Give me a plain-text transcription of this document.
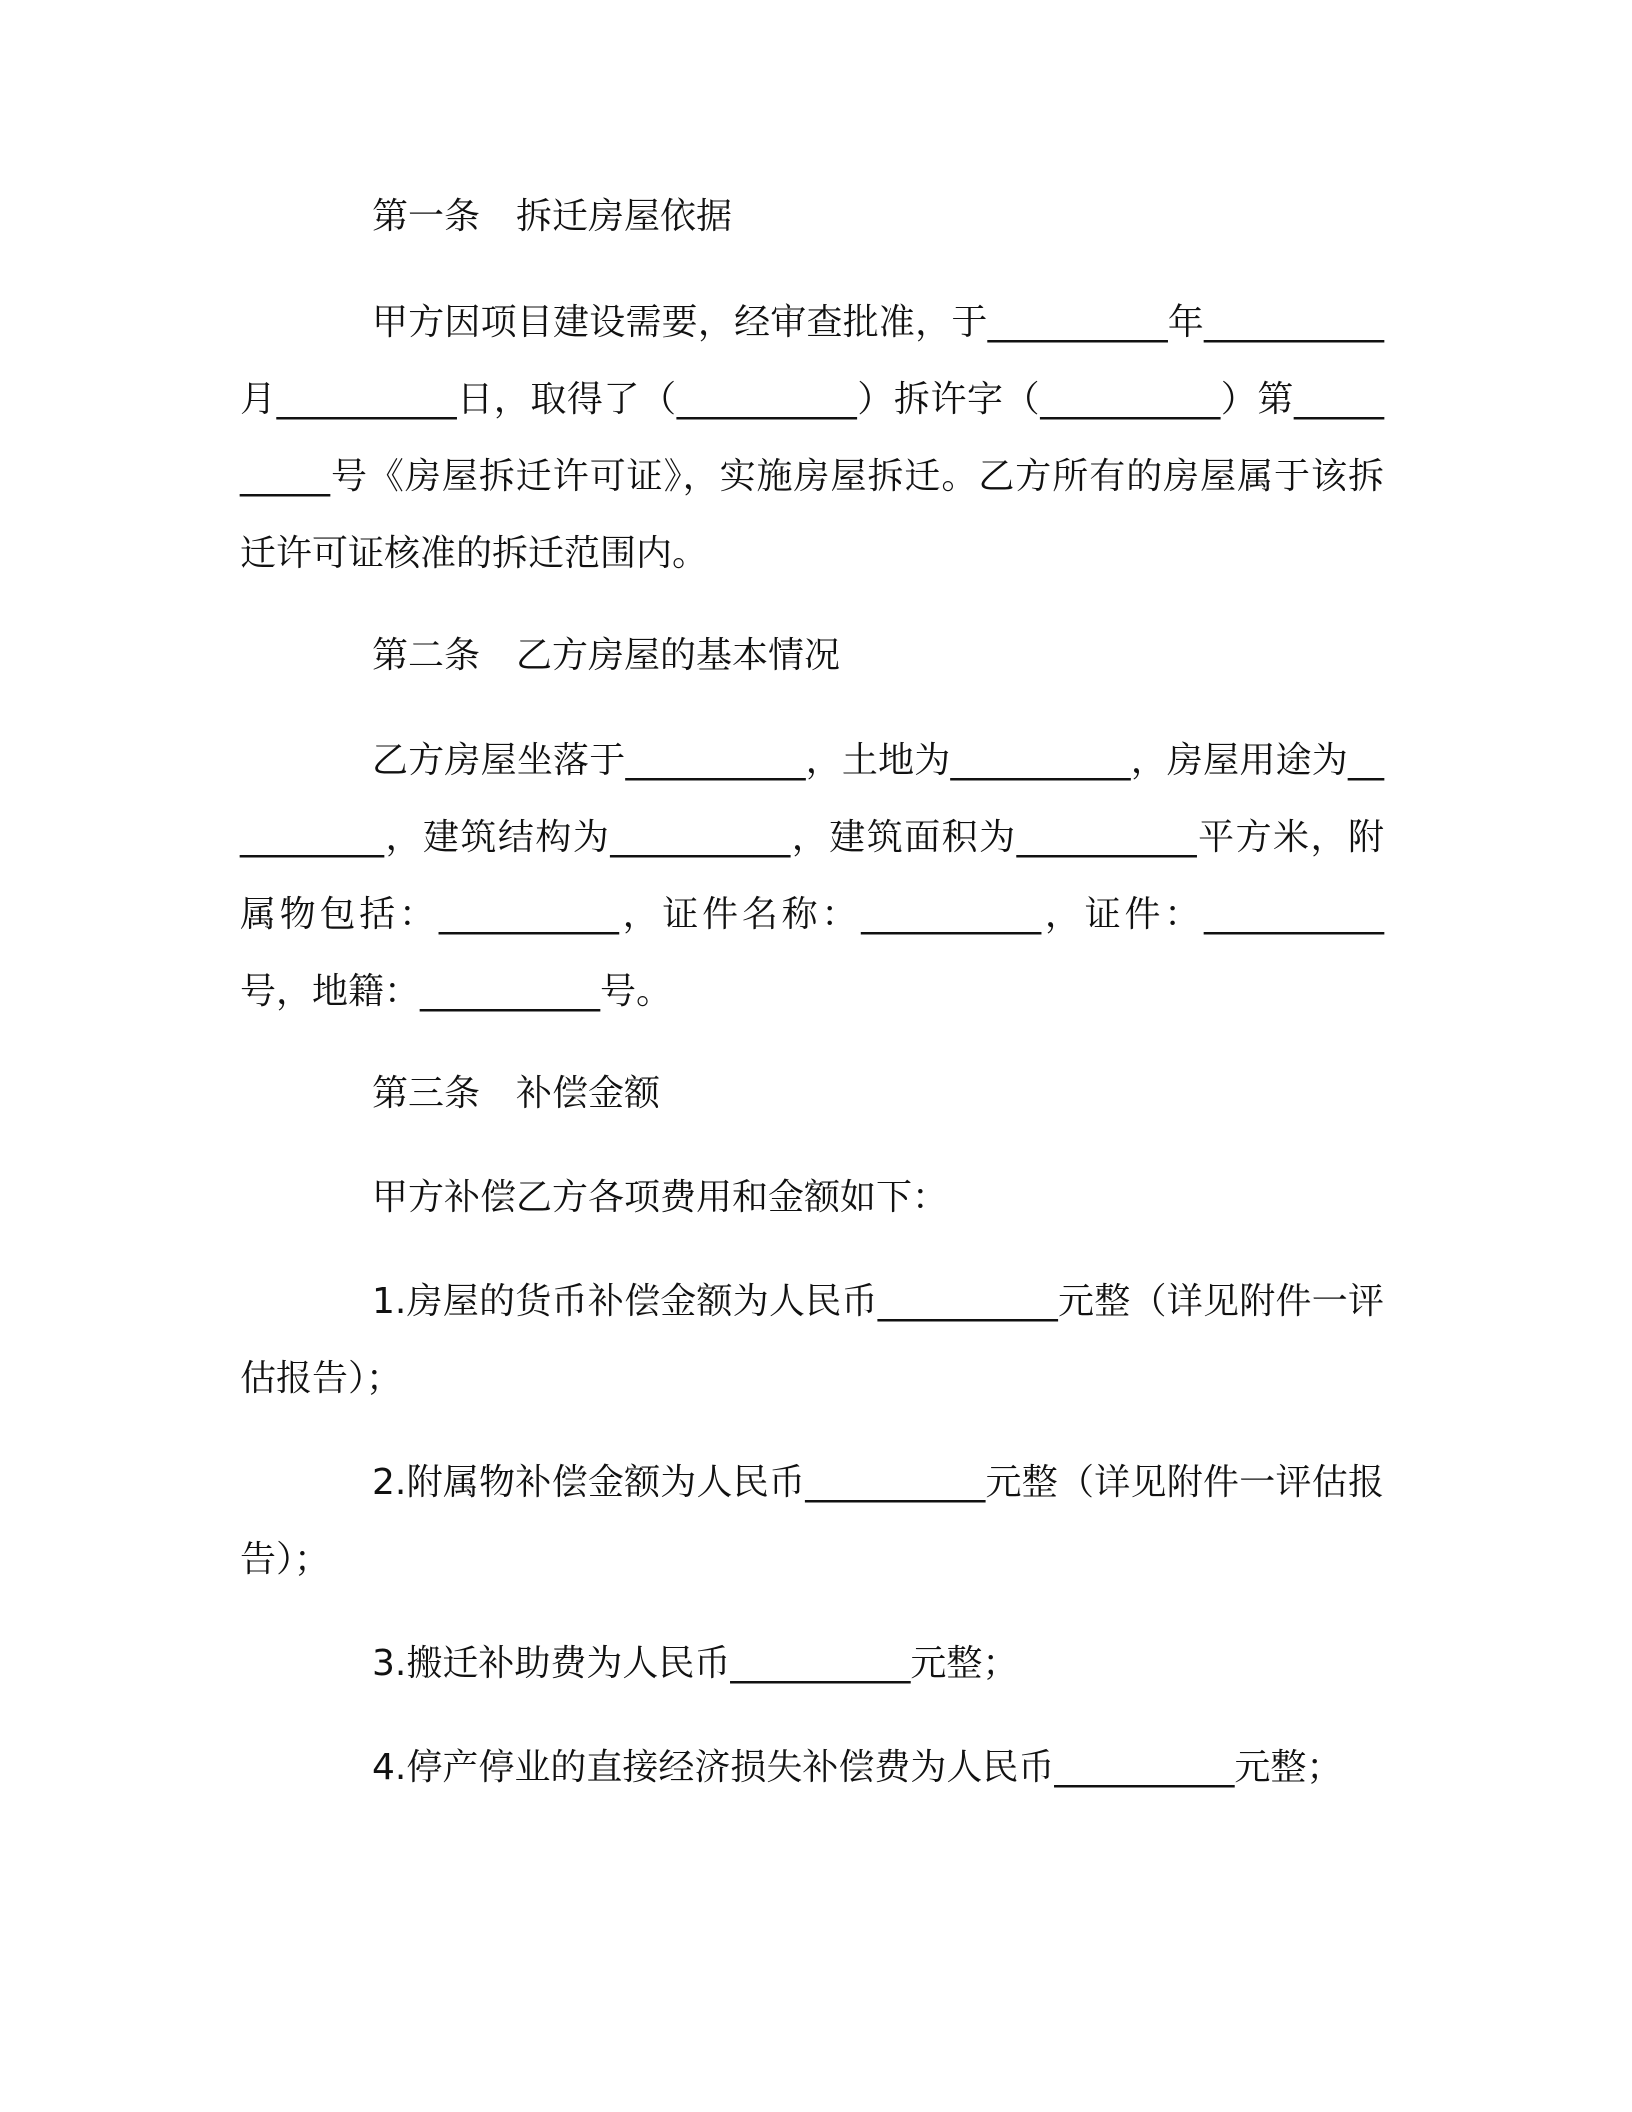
第一条　拆迁房屋依据

甲方因项目建设需要，经审查批准，于__________年__________月__________日，取得了（__________）拆许字（__________）第__________号《房屋拆迁许可证》，实施房屋拆迁。乙方所有的房屋属于该拆迁许可证核准的拆迁范围内。

第二条　乙方房屋的基本情况

乙方房屋坐落于__________，土地为__________，房屋用途为__________，建筑结构为__________，建筑面积为__________平方米，附属物包括：__________，证件名称：__________，证件：__________号，地籍：__________号。

第三条　补偿金额

甲方补偿乙方各项费用和金额如下：

1.房屋的货币补偿金额为人民币__________元整（详见附件一评估报告）；

2.附属物补偿金额为人民币__________元整（详见附件一评估报告）；

3.搬迁补助费为人民币__________元整；

4.停产停业的直接经济损失补偿费为人民币__________元整；
